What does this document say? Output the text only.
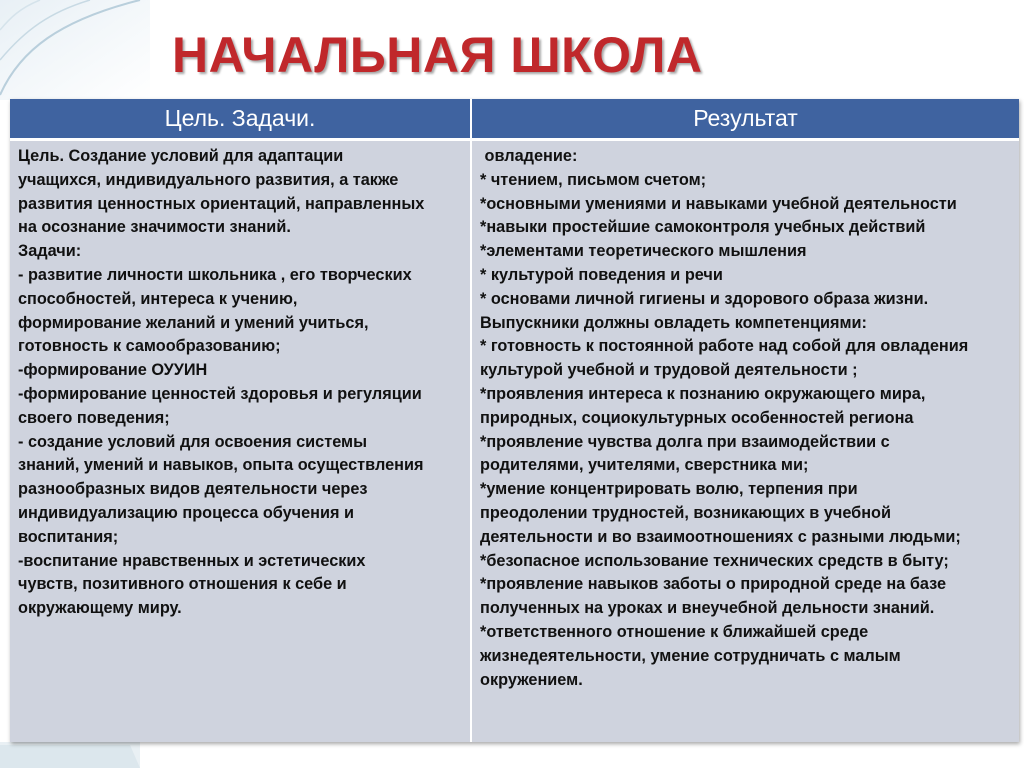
НАЧАЛЬНАЯ ШКОЛА
Цель. Задачи.	Результат
Цель. Создание условий для адаптации
учащихся, индивидуального развития, а также
развития ценностных ориентаций, направленных
на осознание значимости знаний.
Задачи:
- развитие личности школьника , его творческих
способностей, интереса к учению,
формирование желаний и умений учиться,
готовность к самообразованию;
-формирование ОУУИН
-формирование ценностей здоровья и регуляции
своего поведения;
- создание условий для освоения системы
знаний, умений и навыков, опыта осуществления
разнообразных видов деятельности через
индивидуализацию процесса обучения и
воспитания;
-воспитание нравственных и эстетических
чувств, позитивного отношения к себе и
окружающему миру.
овладение:
* чтением, письмом счетом;
*основными умениями и навыками учебной деятельности
*навыки простейшие самоконтроля учебных действий
*элементами теоретического мышления
* культурой поведения и речи
* основами личной гигиены и здорового образа жизни.
Выпускники должны овладеть компетенциями:
* готовность к постоянной работе над собой для овладения
культурой учебной и трудовой деятельности ;
*проявления интереса к познанию окружающего мира,
природных, социокультурных особенностей региона
*проявление чувства долга при взаимодействии с
родителями, учителями, сверстника ми;
*умение концентрировать волю, терпения при
преодолении трудностей, возникающих в учебной
деятельности и во взаимоотношениях с разными людьми;
*безопасное использование технических средств в быту;
*проявление навыков заботы о природной среде на базе
полученных на уроках и внеучебной дельности знаний.
*ответственного отношение к ближайшей среде
жизнедеятельности, умение сотрудничать с малым
окружением.
